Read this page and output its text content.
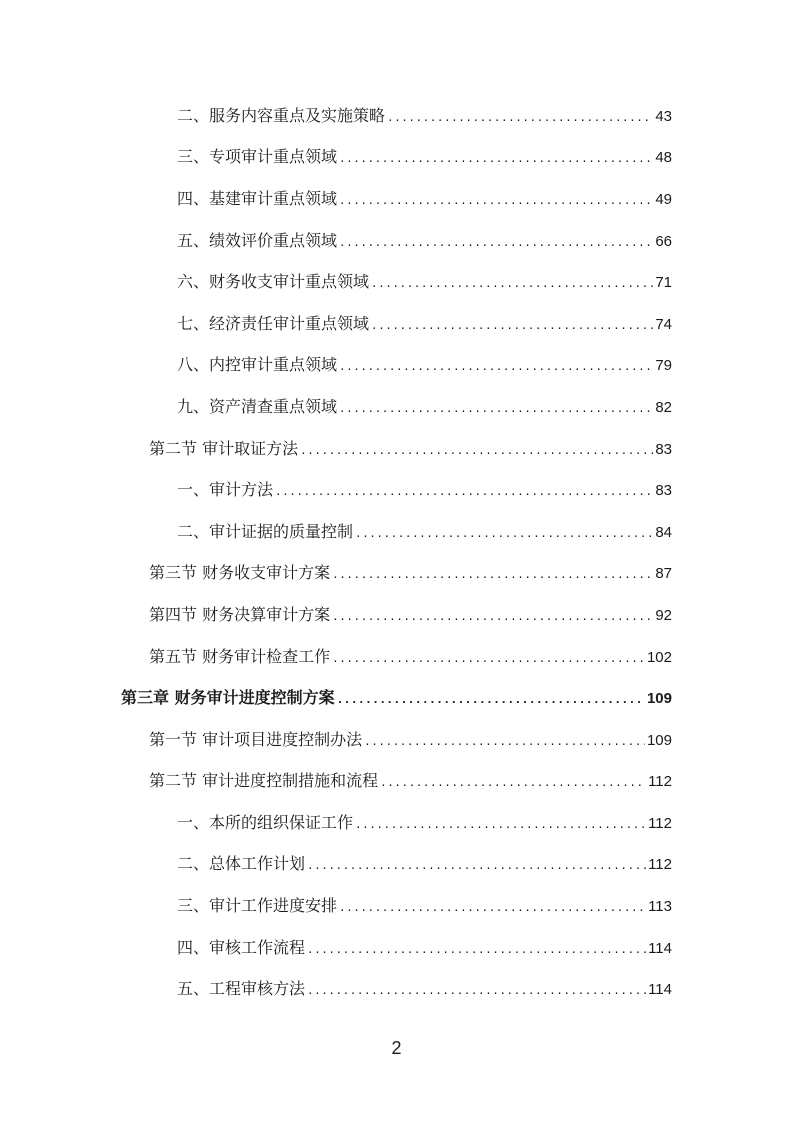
二、服务内容重点及实施策略 .....	43
三、专项审计重点领域 .....	48
四、基建审计重点领域 .....	49
五、绩效评价重点领域 .....	66
六、财务收支审计重点领域 .....	71
七、经济责任审计重点领域 .....	74
八、内控审计重点领域 .....	79
九、资产清查重点领域 .....	82
第二节 审计取证方法 .....	83
一、审计方法 .....	83
二、审计证据的质量控制 .....	84
第三节 财务收支审计方案 .....	87
第四节 财务决算审计方案 .....	92
第五节 财务审计检查工作 .....	102
第三章 财务审计进度控制方案 .....	109
第一节 审计项目进度控制办法 .....	109
第二节 审计进度控制措施和流程 .....	112
一、本所的组织保证工作 .....	112
二、总体工作计划 .....	112
三、审计工作进度安排 .....	113
四、审核工作流程 .....	114
五、工程审核方法 .....	114
2
